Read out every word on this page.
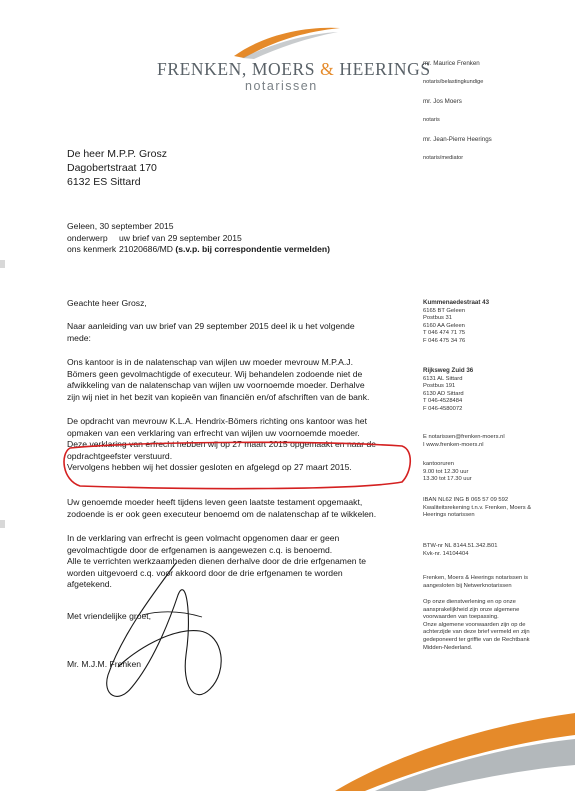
FRENKEN, MOERS & HEERINGS
notarissen
mr. Maurice Frenken
notaris/belastingkundige
mr. Jos Moers
notaris
mr. Jean-Pierre Heerings
notaris/mediator
De heer M.P.P. Grosz
Dagobertstraat 170
6132 ES Sittard
Geleen, 30 september 2015
onderwerp	uw brief van 29 september 2015
ons kenmerk 21020686/MD
(s.v.p. bij correspondentie vermelden)
Geachte heer Grosz,
Naar aanleiding van uw brief van 29 september 2015 deel ik u het volgende
mede:
Ons kantoor is in de nalatenschap van wijlen uw moeder mevrouw M.P.A.J.
Bömers geen gevolmachtigde of executeur. Wij behandelen zodoende niet de
afwikkeling van de nalatenschap van wijlen uw voornoemde moeder. Derhalve
zijn wij niet in het bezit van kopieën van financiën en/of afschriften van de bank.
De opdracht van mevrouw K.L.A. Hendrix-Bömers richting ons kantoor was het
opmaken van een verklaring van erfrecht van wijlen uw voornoemde moeder.
Deze verklaring van erfrecht hebben wij op 27 maart 2015 opgemaakt en naar de
opdrachtgeefster verstuurd.
Vervolgens hebben wij het dossier gesloten en afgelegd op 27 maart 2015.
Uw genoemde moeder heeft tijdens leven geen laatste testament opgemaakt,
zodoende is er ook geen executeur benoemd om de nalatenschap af te wikkelen.
In de verklaring van erfrecht is geen volmacht opgenomen daar er geen
gevolmachtigde door de erfgenamen is aangewezen c.q. is benoemd.
Alle te verrichten werkzaamheden dienen derhalve door de drie erfgenamen te
worden uitgevoerd c.q. voor akkoord door de drie erfgenamen te worden
afgetekend.
Met vriendelijke groet,
Mr. M.J.M. Frenken
Kummenaedestraat 43
6165 BT Geleen
Postbus 31
6160 AA Geleen
T 046 474 71 75
F 046 475 34 76
Rijksweg Zuid 36
6131 AL Sittard
Postbus 191
6130 AD Sittard
T 046-4528484
F 046-4580072
E notarissen@frenken-moers.nl
I www.frenken-moers.nl
kantooruren
9.00 tot 12.30 uur
13.30 tot 17.30 uur
IBAN NL62 ING B 065 57 09 592
Kwaliteitsrekening t.n.v. Frenken, Moers &
Heerings notarissen
BTW-nr NL 8144.51.342.B01
Kvk-nr. 14104404
Frenken, Moers & Heerings notarissen is
aangesloten bij Netwerknotarissen
Op onze dienstverlening en op onze
aansprakelijkheid zijn onze algemene
voorwaarden van toepassing.
Onze algemene voorwaarden zijn op de
achterzijde van deze brief vermeld en zijn
gedeponeerd ter griffie van de Rechtbank
Midden-Nederland.
